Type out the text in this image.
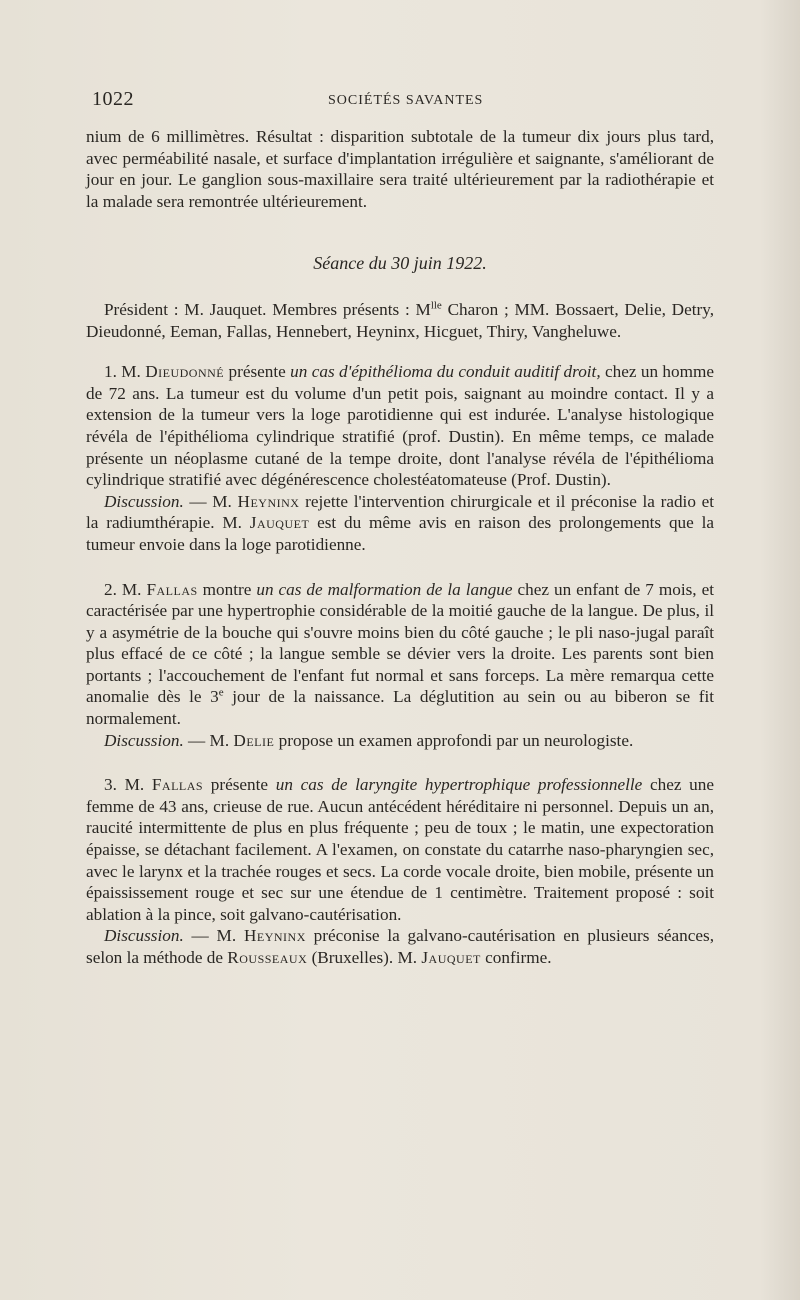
1022	SOCIÉTÉS SAVANTES

nium de 6 millimètres. Résultat : disparition subtotale de la tumeur dix jours plus tard, avec perméabilité nasale, et surface d'implantation irrégulière et saignante, s'améliorant de jour en jour. Le ganglion sous-maxillaire sera traité ultérieurement par la radiothérapie et la malade sera remontrée ultérieurement.

Séance du 30 juin 1922.

Président : M. Jauquet. Membres présents : $M^{lle}$ Charon ; MM. Bossaert, Delie, Detry, Dieudonné, Eeman, Fallas, Hennebert, Heyninx, Hicguet, Thiry, Vangheluwe.

1. M. Dieudonné présente un cas d'épithélioma du conduit auditif droit, chez un homme de 72 ans. La tumeur est du volume d'un petit pois, saignant au moindre contact. Il y a extension de la tumeur vers la loge parotidienne qui est indurée. L'analyse histologique révéla de l'épithélioma cylindrique stratifié (prof. Dustin). En même temps, ce malade présente un néoplasme cutané de la tempe droite, dont l'analyse révéla de l'épithélioma cylindrique stratifié avec dégénérescence cholestéatomateuse (Prof. Dustin).

Discussion. — M. Heyninx rejette l'intervention chirurgicale et il préconise la radio et la radiumthérapie. M. Jauquet est du même avis en raison des prolongements que la tumeur envoie dans la loge parotidienne.

2. M. Fallas montre un cas de malformation de la langue chez un enfant de 7 mois, et caractérisée par une hypertrophie considérable de la moitié gauche de la langue. De plus, il y a asymétrie de la bouche qui s'ouvre moins bien du côté gauche ; le pli naso-jugal paraît plus effacé de ce côté ; la langue semble se dévier vers la droite. Les parents sont bien portants ; l'accouchement de l'enfant fut normal et sans forceps. La mère remarqua cette anomalie dès le 3e jour de la naissance. La déglutition au sein ou au biberon se fit normalement.

Discussion. — M. Delie propose un examen approfondi par un neurologiste.

3. M. Fallas présente un cas de laryngite hypertrophique professionnelle chez une femme de 43 ans, crieuse de rue. Aucun antécédent héréditaire ni personnel. Depuis un an, raucité intermittente de plus en plus fréquente ; peu de toux ; le matin, une expectoration épaisse, se détachant facilement. A l'examen, on constate du catarrhe naso-pharyngien sec, avec le larynx et la trachée rouges et secs. La corde vocale droite, bien mobile, présente un épaississement rouge et sec sur une étendue de 1 centimètre. Traitement proposé : soit ablation à la pince, soit galvano-cautérisation.

Discussion. — M. Heyninx préconise la galvano-cautérisation en plusieurs séances, selon la méthode de Rousseaux (Bruxelles). M. Jauquet confirme.
